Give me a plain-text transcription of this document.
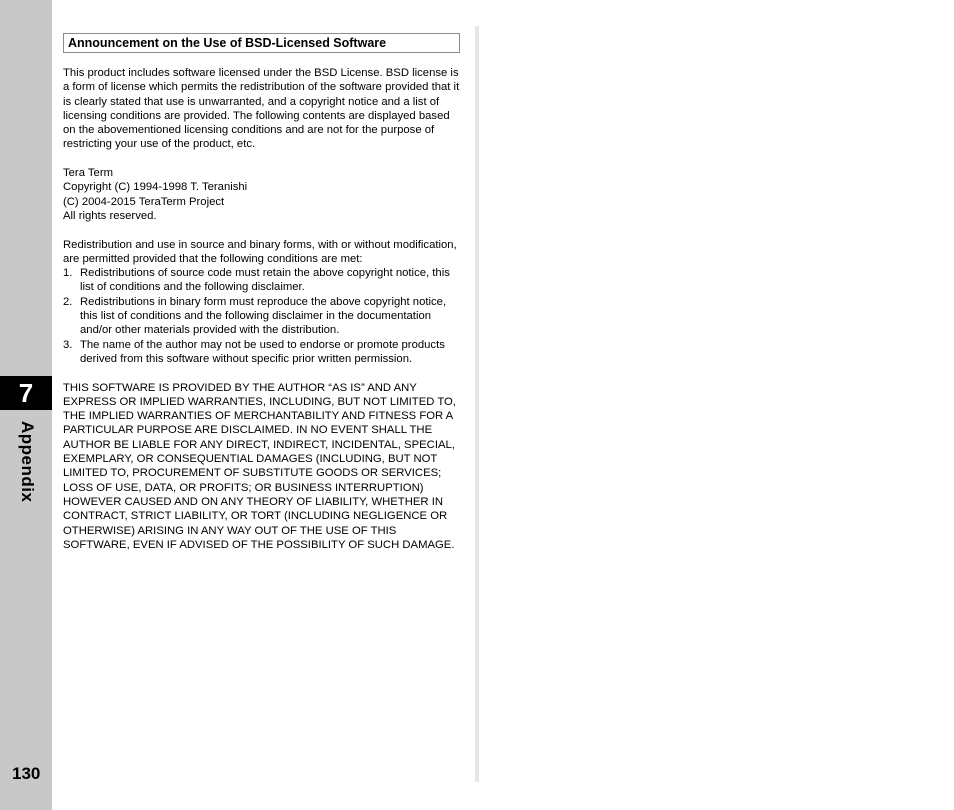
7
Appendix
130
Announcement on the Use of BSD-Licensed Software

This product includes software licensed under the BSD License. BSD license is a form of license which permits the redistribution of the software provided that it is clearly stated that use is unwarranted, and a copyright notice and a list of licensing conditions are provided. The following contents are displayed based on the abovementioned licensing conditions and are not for the purpose of restricting your use of the product, etc.

Tera Term
Copyright (C) 1994-1998 T. Teranishi
(C) 2004-2015 TeraTerm Project
All rights reserved.

Redistribution and use in source and binary forms, with or without modification, are permitted provided that the following conditions are met:

1. Redistributions of source code must retain the above copyright notice, this list of conditions and the following disclaimer.
2. Redistributions in binary form must reproduce the above copyright notice, this list of conditions and the following disclaimer in the documentation and/or other materials provided with the distribution.
3. The name of the author may not be used to endorse or promote products derived from this software without specific prior written permission.

THIS SOFTWARE IS PROVIDED BY THE AUTHOR “AS IS” AND ANY EXPRESS OR IMPLIED WARRANTIES, INCLUDING, BUT NOT LIMITED TO, THE IMPLIED WARRANTIES OF MERCHANTABILITY AND FITNESS FOR A PARTICULAR PURPOSE ARE DISCLAIMED. IN NO EVENT SHALL THE AUTHOR BE LIABLE FOR ANY DIRECT, INDIRECT, INCIDENTAL, SPECIAL, EXEMPLARY, OR CONSEQUENTIAL DAMAGES (INCLUDING, BUT NOT LIMITED TO, PROCUREMENT OF SUBSTITUTE GOODS OR SERVICES; LOSS OF USE, DATA, OR PROFITS; OR BUSINESS INTERRUPTION) HOWEVER CAUSED AND ON ANY THEORY OF LIABILITY, WHETHER IN CONTRACT, STRICT LIABILITY, OR TORT (INCLUDING NEGLIGENCE OR OTHERWISE) ARISING IN ANY WAY OUT OF THE USE OF THIS SOFTWARE, EVEN IF ADVISED OF THE POSSIBILITY OF SUCH DAMAGE.
